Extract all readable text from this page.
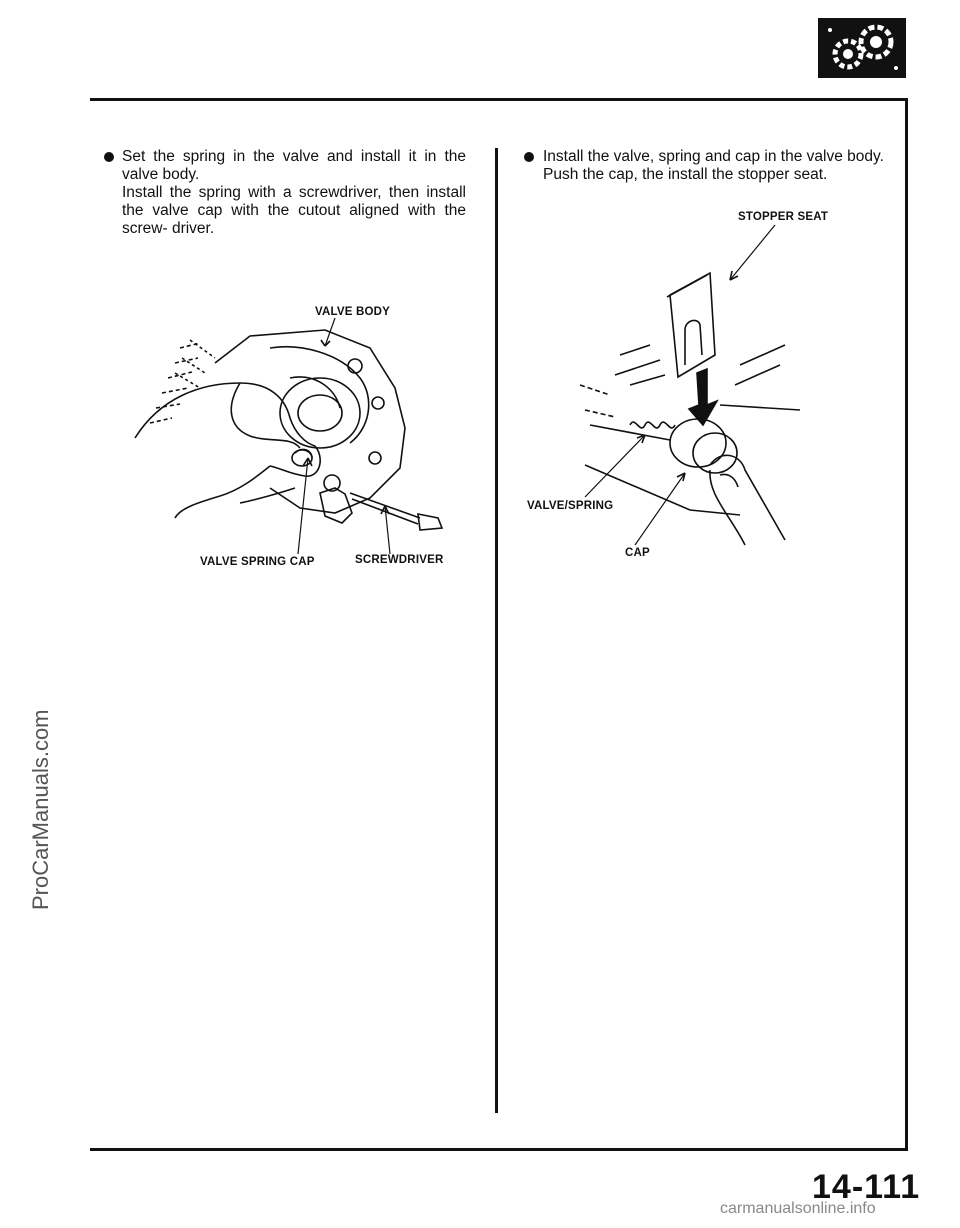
Set the spring in the valve and install it in the valve body.

Install the spring with a screwdriver, then install the valve cap with the cutout aligned with the screw- driver.

VALVE BODY
VALVE SPRING CAP	SCREWDRIVER

Install the valve, spring and cap in the valve body.

Push the cap, the install the stopper seat.

STOPPER SEAT
VALVE/SPRING
CAP
ProCarManuals.com
14-111
carmanualsonline.info
